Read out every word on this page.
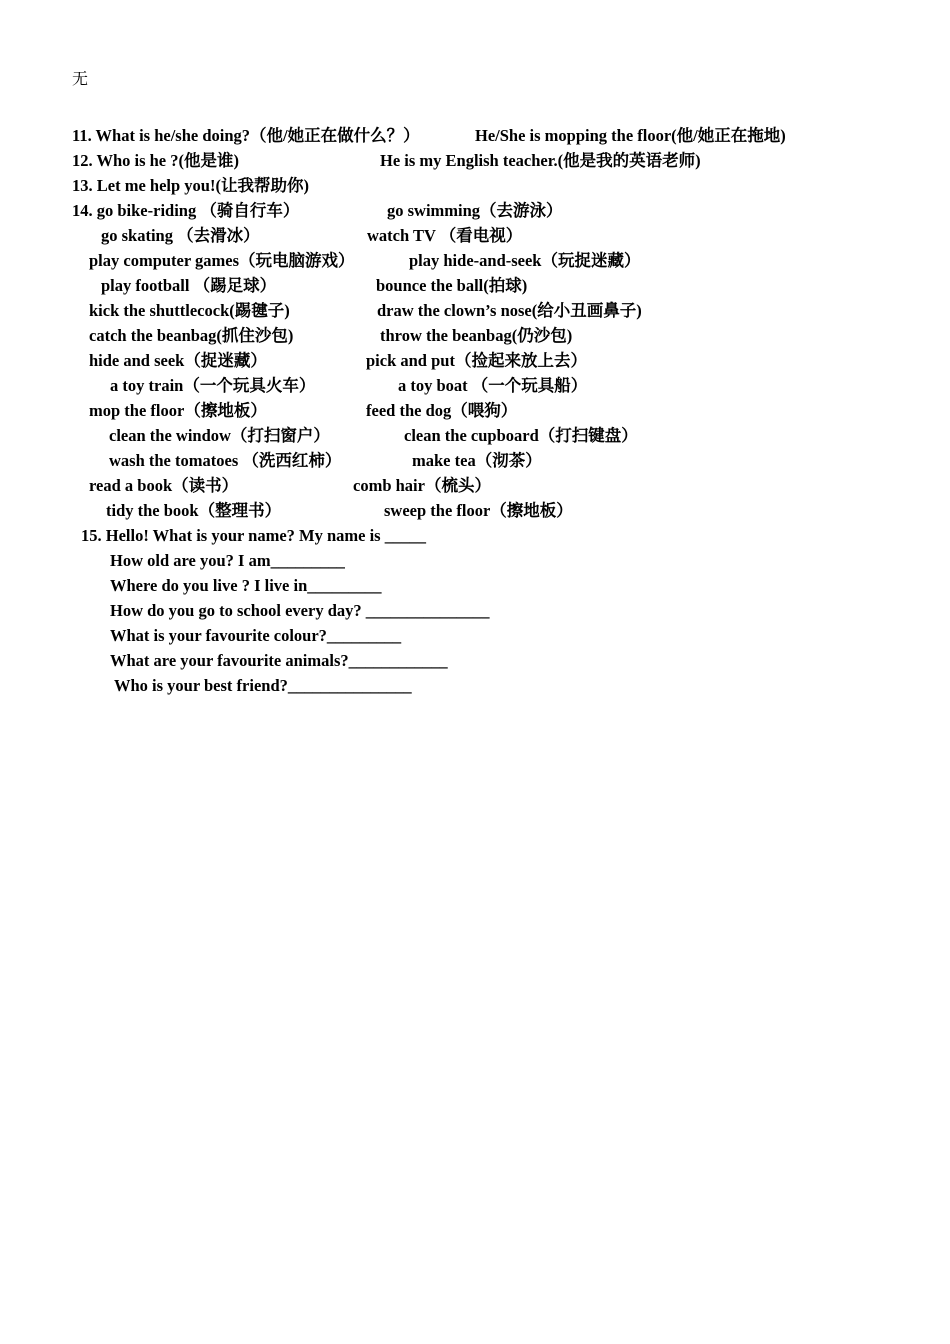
无
11. What is he/she doing?（他/她正在做什么？）	He/She is mopping the floor(他/她正在拖地)
12. Who is he ?(他是谁)	He is my English teacher.(他是我的英语老师)
13. Let me help you!(让我帮助你)
14. go bike-riding （骑自行车）	go swimming（去游泳）
go skating （去滑冰）	watch TV （看电视）
play computer games（玩电脑游戏）	play hide-and-seek（玩捉迷藏）
play football （踢足球）	bounce the ball(拍球)
kick the shuttlecock(踢毽子)	draw the clown’s nose(给小丑画鼻子)
catch the beanbag(抓住沙包)	throw the beanbag(仍沙包)
hide and seek（捉迷藏）	pick and put（捡起来放上去）
a toy train（一个玩具火车）	a toy boat （一个玩具船）
mop the floor（擦地板）	feed the dog（喂狗）
clean the window（打扫窗户）	clean the cupboard（打扫键盘）
wash the tomatoes （洗西红柿）	make tea（沏茶）
read a book（读书）	comb hair（梳头）
tidy the book（整理书）	sweep the floor（擦地板）
15. Hello! What is your name? My name is _____
How old are you? I am_________
Where do you live ? I live in_________
How do you go to school every day? _______________
What is your favourite colour?_________
What are your favourite animals?____________
Who is your best friend?_______________
